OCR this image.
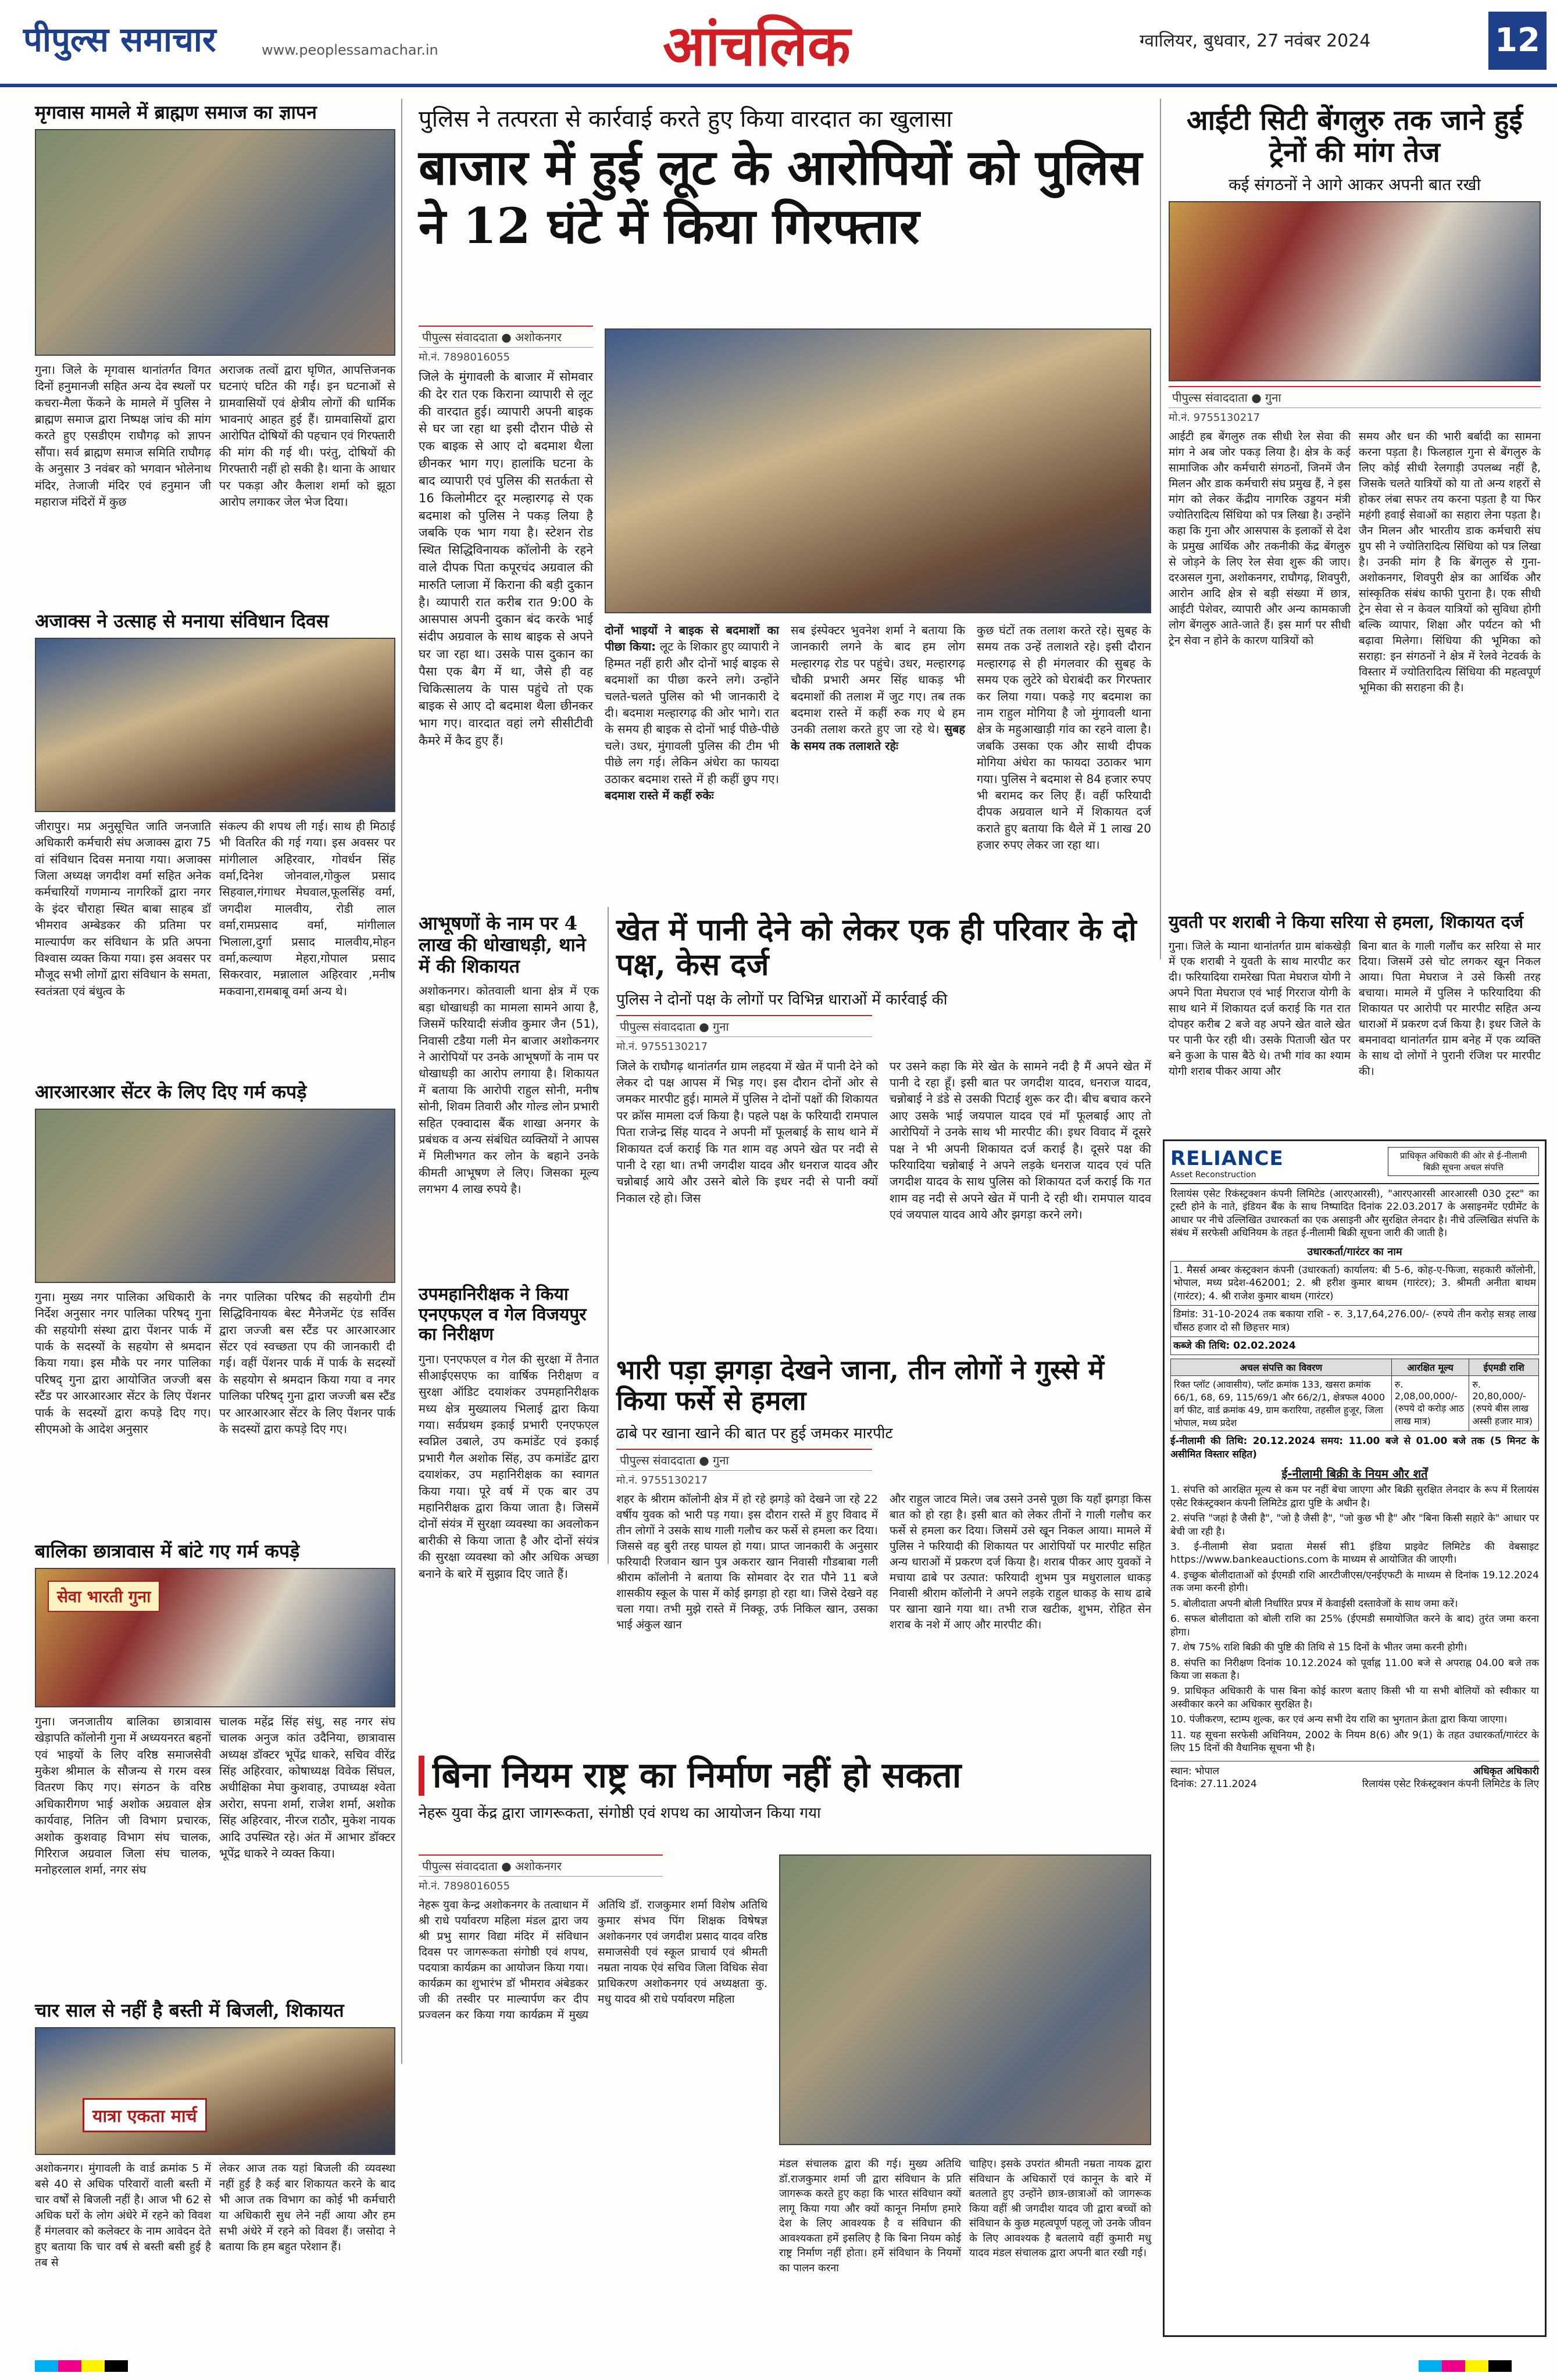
पीपुल्स समाचार	www.peoplessamachar.in	आंचलिक	ग्वालियर, बुधवार, 27 नवंबर 2024	12
मृगवास मामले में ब्राह्मण समाज का ज्ञापन
गुना। जिले के मृगवास थानांतर्गत विगत दिनों हनुमानजी सहित अन्य देव स्थलों पर कचरा-मैला फेंकने के मामले में पुलिस ने ब्राह्मण समाज द्वारा निष्पक्ष जांच की मांग करते हुए एसडीएम राघौगढ़ को ज्ञापन सौंपा। सर्व ब्राह्मण समाज समिति राघौगढ़ के अनुसार 3 नवंबर को भगवान भोलेनाथ मंदिर, तेजाजी मंदिर एवं हनुमान जी महाराज मंदिरों में कुछ
अराजक तत्वों द्वारा घृणित, आपत्तिजनक घटनाएं घटित की गईं। इन घटनाओं से ग्रामवासियों एवं क्षेत्रीय लोगों की धार्मिक भावनाएं आहत हुई हैं। ग्रामवासियों द्वारा आरोपित दोषियों की पहचान एवं गिरफ्तारी की मांग की गई थी। परंतु, दोषियों की गिरफ्तारी नहीं हो सकी है। थाना के आधार पर पकड़ा और कैलाश शर्मा को झूठा आरोप लगाकर जेल भेज दिया।
अजाक्स ने उत्साह से मनाया संविधान दिवस
जीरापुर। मप्र अनुसूचित जाति जनजाति अधिकारी कर्मचारी संघ अजाक्स द्वारा 75 वां संविधान दिवस मनाया गया। अजाक्स जिला अध्यक्ष जगदीश वर्मा सहित अनेक कर्मचारियों गणमान्य नागरिकों द्वारा नगर के इंदर चौराहा स्थित बाबा साहब डॉ भीमराव अम्बेडकर की प्रतिमा पर माल्यार्पण कर संविधान के प्रति अपना विश्वास व्यक्त किया गया। इस अवसर पर मौजूद सभी लोगों द्वारा संविधान के समता, स्वतंत्रता एवं बंधुत्व के
संकल्प की शपथ ली गई। साथ ही मिठाई भी वितरित की गई गया। इस अवसर पर मांगीलाल अहिरवार, गोवर्धन सिंह वर्मा,दिनेश जोनवाल,गोकुल प्रसाद सिहवाल,गंगाधर मेघवाल,फूलसिंह वर्मा, जगदीश मालवीय, रोडी लाल वर्मा,रामप्रसाद वर्मा, मांगीलाल भिलाला,दुर्गा प्रसाद मालवीय,मोहन वर्मा,कल्याण मेहरा,गोपाल प्रसाद सिकरवार, मन्नालाल अहिरवार ,मनीष मकवाना,रामबाबू वर्मा अन्य थे।
आरआरआर सेंटर के लिए दिए गर्म कपड़े
गुना। मुख्य नगर पालिका अधिकारी के निर्देश अनुसार नगर पालिका परिषद् गुना की सहयोगी संस्था द्वारा पेंशनर पार्क में पार्क के सदस्यों के सहयोग से श्रमदान किया गया। इस मौके पर नगर पालिका परिषद् गुना द्वारा आयोजित जज्जी बस स्टैंड पर आरआरआर सेंटर के लिए पेंशनर पार्क के सदस्यों द्वारा कपड़े दिए गए। सीएमओ के आदेश अनुसार
नगर पालिका परिषद की सहयोगी टीम सिद्धिविनायक बेस्ट मैनेजमेंट एंड सर्विस द्वारा जज्जी बस स्टैंड पर आरआरआर सेंटर एवं स्वच्छता एप की जानकारी दी गई। वहीं पेंशनर पार्क में पार्क के सदस्यों के सहयोग से श्रमदान किया गया व नगर पालिका परिषद् गुना द्वारा जज्जी बस स्टैंड पर आरआरआर सेंटर के लिए पेंशनर पार्क के सदस्यों द्वारा कपड़े दिए गए।
बालिका छात्रावास में बांटे गए गर्म कपड़े
सेवा भारती गुना
गुना। जनजातीय बालिका छात्रावास खेड़ापति कॉलोनी गुना में अध्ययनरत बहनों एवं भाइयों के लिए वरिष्ठ समाजसेवी मुकेश श्रीमाल के सौजन्य से गरम वस्त्र वितरण किए गए। संगठन के वरिष्ठ अधिकारीगण भाई अशोक अग्रवाल क्षेत्र कार्यवाह, नितिन जी विभाग प्रचारक, अशोक कुशवाह विभाग संघ चालक, गिरिराज अग्रवाल जिला संघ चालक, मनोहरलाल शर्मा, नगर संघ
चालक महेंद्र सिंह संधु, सह नगर संघ चालक अनुज कांत उदैनिया, छात्रावास अध्यक्ष डॉक्टर भूपेंद्र धाकरे, सचिव वीरेंद्र सिंह अहिरवार, कोषाध्यक्ष विवेक सिंघल, अधीक्षिका मेघा कुशवाह, उपाध्यक्ष श्वेता अरोरा, सपना शर्मा, राजेश शर्मा, अशोक सिंह अहिरवार, नीरज राठौर, मुकेश नायक आदि उपस्थित रहे। अंत में आभार डॉक्टर भूपेंद्र धाकरे ने व्यक्त किया।
चार साल से नहीं है बस्ती में बिजली, शिकायत
यात्रा एकता मार्च
अशोकनगर। मुंगावली के वार्ड क्रमांक 5 में बसे 40 से अधिक परिवारों वाली बस्ती में चार वर्षों से बिजली नहीं है। आज भी 62 से अधिक घरों के लोग अंधेरे में रहने को विवश हैं मंगलवार को कलेक्टर के नाम आवेदन देते हुए बताया कि चार वर्ष से बस्ती बसी हुई है तब से
लेकर आज तक यहां बिजली की व्यवस्था नहीं हुई है कई बार शिकायत करने के बाद भी आज तक विभाग का कोई भी कर्मचारी या अधिकारी सुध लेने नहीं आया और हम सभी अंधेरे में रहने को विवश हैं। जसोदा ने बताया कि हम बहुत परेशान हैं।
पुलिस ने तत्परता से कार्रवाई करते हुए किया वारदात का खुलासा
बाजार में हुई लूट के आरोपियों को पुलिस ने 12 घंटे में किया गिरफ्तार
पीपुल्स संवाददाता ● अशोकनगर
मो.नं. 7898016055
जिले के मुंगावली के बाजार में सोमवार की देर रात एक किराना व्यापारी से लूट की वारदात हुई। व्यापारी अपनी बाइक से घर जा रहा था इसी दौरान पीछे से एक बाइक से आए दो बदमाश थैला छीनकर भाग गए। हालांकि घटना के बाद व्यापारी एवं पुलिस की सतर्कता से 16 किलोमीटर दूर मल्हारगढ़ से एक बदमाश को पुलिस ने पकड़ लिया है जबकि एक भाग गया है। स्टेशन रोड स्थित सिद्धिविनायक कॉलोनी के रहने वाले दीपक पिता कपूरचंद अग्रवाल की मारुति प्लाजा में किराना की बड़ी दुकान है। व्यापारी रात करीब रात 9:00 के आसपास अपनी दुकान बंद करके भाई संदीप अग्रवाल के साथ बाइक से अपने घर जा रहा था। उसके पास दुकान का पैसा एक बैग में था, जैसे ही वह चिकित्सालय के पास पहुंचे तो एक बाइक से आए दो बदमाश थैला छीनकर भाग गए। वारदात वहां लगे सीसीटीवी कैमरे में कैद हुए हैं।
दोनों भाइयों ने बाइक से बदमाशों का पीछा किया: लूट के शिकार हुए व्यापारी ने हिम्मत नहीं हारी और दोनों भाई बाइक से बदमाशों का पीछा करने लगे। उन्होंने चलते-चलते पुलिस को भी जानकारी दे दी। बदमाश मल्हारगढ़ की ओर भागे। रात के समय ही बाइक से दोनों भाई पीछे-पीछे चले। उधर, मुंगावली पुलिस की टीम भी पीछे लग गई। लेकिन अंधेरा का फायदा उठाकर बदमाश रास्ते में ही कहीं छुप गए। बदमाश रास्ते में कहीं रुकेः
सब इंस्पेक्टर भुवनेश शर्मा ने बताया कि जानकारी लगने के बाद हम लोग मल्हारगढ़ रोड पर पहुंचे। उधर, मल्हारगढ़ चौकी प्रभारी अमर सिंह धाकड़ भी बदमाशों की तलाश में जुट गए। तब तक बदमाश रास्ते में कहीं रुक गए थे हम उनकी तलाश करते हुए जा रहे थे। सुबह के समय तक तलाशते रहेः
कुछ घंटों तक तलाश करते रहे। सुबह के समय तक उन्हें तलाशते रहे। इसी दौरान मल्हारगढ़ से ही मंगलवार की सुबह के समय एक लुटेरे को घेराबंदी कर गिरफ्तार कर लिया गया। पकड़े गए बदमाश का नाम राहुल मोगिया है जो मुंगावली थाना क्षेत्र के महुआखाड़ी गांव का रहने वाला है। जबकि उसका एक और साथी दीपक मोगिया अंधेरा का फायदा उठाकर भाग गया। पुलिस ने बदमाश से 84 हजार रुपए भी बरामद कर लिए हैं। वहीं फरियादी दीपक अग्रवाल थाने में शिकायत दर्ज कराते हुए बताया कि थैले में 1 लाख 20 हजार रुपए लेकर जा रहा था।
आईटी सिटी बेंगलुरु तक जाने हुई ट्रेनों की मांग तेज
कई संगठनों ने आगे आकर अपनी बात रखी
पीपुल्स संवाददाता ● गुना
मो.नं. 9755130217
आईटी हब बेंगलुरु तक सीधी रेल सेवा की मांग ने अब जोर पकड़ लिया है। क्षेत्र के कई सामाजिक और कर्मचारी संगठनों, जिनमें जैन मिलन और डाक कर्मचारी संघ प्रमुख हैं, ने इस मांग को लेकर केंद्रीय नागरिक उड्डयन मंत्री ज्योतिरादित्य सिंधिया को पत्र लिखा है। उन्होंने कहा कि गुना और आसपास के इलाकों से देश के प्रमुख आर्थिक और तकनीकी केंद्र बेंगलुरु से जोड़ने के लिए रेल सेवा शुरू की जाए। दरअसल गुना, अशोकनगर, राघौगढ़, शिवपुरी, आरोन आदि क्षेत्र से बड़ी संख्या में छात्र, आईटी पेशेवर, व्यापारी और अन्य कामकाजी लोग बेंगलुरु आते-जाते हैं। इस मार्ग पर सीधी ट्रेन सेवा न होने के कारण यात्रियों को
समय और धन की भारी बर्बादी का सामना करना पड़ता है। फिलहाल गुना से बेंगलुरु के लिए कोई सीधी रेलगाड़ी उपलब्ध नहीं है, जिसके चलते यात्रियों को या तो अन्य शहरों से होकर लंबा सफर तय करना पड़ता है या फिर महंगी हवाई सेवाओं का सहारा लेना पड़ता है। जैन मिलन और भारतीय डाक कर्मचारी संघ ग्रुप सी ने ज्योतिरादित्य सिंधिया को पत्र लिखा है। उनकी मांग है कि बेंगलुरु से गुना-अशोकनगर, शिवपुरी क्षेत्र का आर्थिक और सांस्कृतिक संबंध काफी पुराना है। एक सीधी ट्रेन सेवा से न केवल यात्रियों को सुविधा होगी बल्कि व्यापार, शिक्षा और पर्यटन को भी बढ़ावा मिलेगा। सिंधिया की भूमिका को सराहा: इन संगठनों ने क्षेत्र में रेलवे नेटवर्क के विस्तार में ज्योतिरादित्य सिंधिया की महत्वपूर्ण भूमिका की सराहना की है।
आभूषणों के नाम पर 4 लाख की धोखाधड़ी, थाने में की शिकायत
अशोकनगर। कोतवाली थाना क्षेत्र में एक बड़ा धोखाधड़ी का मामला सामने आया है, जिसमें फरियादी संजीव कुमार जैन (51), निवासी टडैया गली मेन बाजार अशोकनगर ने आरोपियों पर उनके आभूषणों के नाम पर धोखाधड़ी का आरोप लगाया है। शिकायत में बताया कि आरोपी राहुल सोनी, मनीष सोनी, शिवम तिवारी और गोल्ड लोन प्रभारी सहित एक्वादास बैंक शाखा अनगर के प्रबंधक व अन्य संबंधित व्यक्तियों ने आपस में मिलीभगत कर लोन के बहाने उनके कीमती आभूषण ले लिए। जिसका मूल्य लगभग 4 लाख रुपये है।
उपमहानिरीक्षक ने किया एनएफएल व गेल विजयपुर का निरीक्षण
गुना। एनएफएल व गेल की सुरक्षा में तैनात सीआईएसएफ का वार्षिक निरीक्षण व सुरक्षा ऑडिट दयाशंकर उपमहानिरीक्षक मध्य क्षेत्र मुख्यालय भिलाई द्वारा किया गया। सर्वप्रथम इकाई प्रभारी एनएफएल स्वप्निल उबाले, उप कमांडेंट एवं इकाई प्रभारी गैल अशोक सिंह, उप कमांडेंट द्वारा दयाशंकर, उप महानिरीक्षक का स्वागत किया गया। पूरे वर्ष में एक बार उप महानिरीक्षक द्वारा किया जाता है। जिसमें दोनों संयंत्र में सुरक्षा व्यवस्था का अवलोकन बारीकी से किया जाता है और दोनों संयंत्र की सुरक्षा व्यवस्था को और अधिक अच्छा बनाने के बारे में सुझाव दिए जाते हैं।
खेत में पानी देने को लेकर एक ही परिवार के दो पक्ष, केस दर्ज
पुलिस ने दोनों पक्ष के लोगों पर विभिन्न धाराओं में कार्रवाई की
पीपुल्स संवाददाता ● गुना
मो.नं. 9755130217
जिले के राघौगढ़ थानांतर्गत ग्राम लहदया में खेत में पानी देने को लेकर दो पक्ष आपस में भिड़ गए। इस दौरान दोनों ओर से जमकर मारपीट हुई। मामले में पुलिस ने दोनों पक्षों की शिकायत पर क्रॉस मामला दर्ज किया है। पहले पक्ष के फरियादी रामपाल पिता राजेन्द्र सिंह यादव ने अपनी माँ फूलबाई के साथ थाने में शिकायत दर्ज कराई कि गत शाम वह अपने खेत पर नदी से पानी दे रहा था। तभी जगदीश यादव और धनराज यादव और चन्नोबाई आये और उसने बोले कि इधर नदी से पानी क्यों निकाल रहे हो। जिस
पर उसने कहा कि मेरे खेत के सामने नदी है मैं अपने खेत में पानी दे रहा हूँ। इसी बात पर जगदीश यादव, धनराज यादव, चन्नोबाई ने डंडे से उसकी पिटाई शुरू कर दी। बीच बचाव करने आए उसके भाई जयपाल यादव एवं माँ फूलबाई आए तो आरोपियों ने उनके साथ भी मारपीट की। इधर विवाद में दूसरे पक्ष ने भी अपनी शिकायत दर्ज कराई है। दूसरे पक्ष की फरियादिया चन्नोबाई ने अपने लड़के धनराज यादव एवं पति जगदीश यादव के साथ पुलिस को शिकायत दर्ज कराई कि गत शाम वह नदी से अपने खेत में पानी दे रही थी। रामपाल यादव एवं जयपाल यादव आये और झगड़ा करने लगे।
भारी पड़ा झगड़ा देखने जाना, तीन लोगों ने गुस्से में किया फर्से से हमला
ढाबे पर खाना खाने की बात पर हुई जमकर मारपीट
पीपुल्स संवाददाता ● गुना
मो.नं. 9755130217
शहर के श्रीराम कॉलोनी क्षेत्र में हो रहे झगड़े को देखने जा रहे 22 वर्षीय युवक को भारी पड़ गया। इस दौरान रास्ते में हुए विवाद में तीन लोगों ने उसके साथ गाली गलौच कर फर्से से हमला कर दिया। जिससे वह बुरी तरह घायल हो गया। प्राप्त जानकारी के अनुसार फरियादी रिजवान खान पुत्र अकरार खान निवासी गौडबाबा गली श्रीराम कॉलोनी ने बताया कि सोमवार देर रात पौने 11 बजे शासकीय स्कूल के पास में कोई झगड़ा हो रहा था। जिसे देखने वह चला गया। तभी मुझे रास्ते में निक्कू, उर्फ निकिल खान, उसका भाई अंकुल खान
और राहुल जाटव मिले। जब उसने उनसे पूछा कि यहाँ झगड़ा किस बात को हो रहा है। इसी बात को लेकर तीनों ने गाली गलौच कर फर्से से हमला कर दिया। जिसमें उसे खून निकल आया। मामले में पुलिस ने फरियादी की शिकायत पर आरोपियों पर मारपीट सहित अन्य धाराओं में प्रकरण दर्ज किया है। शराब पीकर आए युवकों ने मचाया ढाबे पर उत्पात: फरियादी शुभम पुत्र मधुरालाल धाकड़ निवासी श्रीराम कॉलोनी ने अपने लड़के राहुल धाकड़ के साथ ढाबे पर खाना खाने गया था। तभी राज खटीक, शुभम, रोहित सेन शराब के नशे में आए और मारपीट की।
युवती पर शराबी ने किया सरिया से हमला, शिकायत दर्ज
गुना। जिले के म्याना थानांतर्गत ग्राम बांकखेड़ी में एक शराबी ने युवती के साथ मारपीट कर दी। फरियादिया रामरेखा पिता मेघराज योगी ने अपने पिता मेघराज एवं भाई गिरराज योगी के साथ थाने में शिकायत दर्ज कराई कि गत रात दोपहर करीब 2 बजे वह अपने खेत वाले खेत पर पानी फेर रही थी। उसके पिताजी खेत पर बने कुआ के पास बैठे थे। तभी गांव का श्याम योगी शराब पीकर आया और
बिना बात के गाली गलौंच कर सरिया से मार दिया। जिसमें उसे चोट लगकर खून निकल आया। पिता मेघराज ने उसे किसी तरह बचाया। मामले में पुलिस ने फरियादिया की शिकायत पर आरोपी पर मारपीट सहित अन्य धाराओं में प्रकरण दर्ज किया है। इधर जिले के बमनावदा थानांतर्गत ग्राम बनेह में एक व्यक्ति के साथ दो लोगों ने पुरानी रंजिश पर मारपीट की।
बिना नियम राष्ट्र का निर्माण नहीं हो सकता
नेहरू युवा केंद्र द्वारा जागरूकता, संगोष्ठी एवं शपथ का आयोजन किया गया
पीपुल्स संवाददाता ● अशोकनगर
मो.नं. 7898016055
नेहरू युवा केन्द्र अशोकनगर के तत्वाधान में श्री राधे पर्यावरण महिला मंडल द्वारा जय श्री प्रभु सागर विद्या मंदिर में संविधान दिवस पर जागरूकता संगोष्ठी एवं शपथ, पदयात्रा कार्यक्रम का आयोजन किया गया। कार्यक्रम का शुभारंभ डॉ भीमराव अंबेडकर जी की तस्वीर पर माल्यार्पण कर दीप प्रज्वलन कर किया गया कार्यक्रम में मुख्य अतिथि डॉ. राजकुमार शर्मा विशेष अतिथि कुमार संभव पिंग शिक्षक विषेषज्ञ अशोकनगर एवं जगदीश प्रसाद यादव वरिष्ठ समाजसेवी एवं स्कूल प्राचार्य एवं श्रीमती नम्रता नायक ऐवं सचिव जिला विधिक सेवा प्राधिकरण अशोकनगर एवं अध्यक्षता कु. मधु यादव श्री राधे पर्यावरण महिला
मंडल संचालक द्वारा की गई। मुख्य अतिथि डॉ.राजकुमार शर्मा जी द्वारा संविधान के प्रति जागरूक करते हुए कहा कि भारत संविधान क्यों लागू किया गया और क्यों कानून निर्माण हमारे देश के लिए आवश्यक है व संविधान की आवश्यकता हमें इसलिए है कि बिना नियम कोई राष्ट्र निर्माण नहीं होता। हमें संविधान के नियमों का पालन करना
चाहिए। इसके उपरांत श्रीमती नम्रता नायक द्वारा संविधान के अधिकारों एवं कानून के बारे में बतलाते हुए उन्होंने छात्र-छात्राओं को जागरूक किया वहीं श्री जगदीश यादव जी द्वारा बच्चों को संविधान के कुछ महत्वपूर्ण पहलू जो उनके जीवन के लिए आवश्यक है बतलाये वहीं कुमारी मधु यादव मंडल संचालक द्वारा अपनी बात रखी गई।
RELIANCE
Asset Reconstruction
प्राधिकृत अधिकारी की ओर से ई-नीलामी बिक्री सूचना अचल संपत्ति
रिलायंस एसेट रिकंस्ट्रक्शन कंपनी लिमिटेड (आरएआरसी), "आरएआरसी आरआरसी 030 ट्रस्ट" का ट्रस्टी होने के नाते, इंडियन बैंक के साथ निष्पादित दिनांक 22.03.2017 के असाइनमेंट एग्रीमेंट के आधार पर नीचे उल्लिखित उधारकर्ता का एक असाइनी और सुरक्षित लेनदार है। नीचे उल्लिखित संपत्ति के संबंध में सरफेसी अधिनियम के तहत ई-नीलामी बिक्री सूचना जारी की जाती है।
उधारकर्ता/गारंटर का नाम
1. मैसर्स अम्बर कंस्ट्रक्शन कंपनी (उधारकर्ता) कार्यालय: बी 5-6, कोह-ए-फिजा, सहकारी कॉलोनी, भोपाल, मध्य प्रदेश-462001; 2. श्री हरीश कुमार बाथम (गारंटर); 3. श्रीमती अनीता बाथम (गारंटर); 4. श्री राजेश कुमार बाथम (गारंटर)
डिमांड: 31-10-2024 तक बकाया राशि - रु. 3,17,64,276.00/- (रुपये तीन करोड़ सत्रह लाख चौंसठ हजार दो सौ छिहत्तर मात्र)
कब्जे की तिथि: 02.02.2024
अचल संपत्ति का विवरण	आरक्षित मूल्य	ईएमडी राशि
रिक्त प्लॉट (आवासीय), प्लॉट क्रमांक 133, खसरा क्रमांक 66/1, 68, 69, 115/69/1 और 66/2/1, क्षेत्रफल 4000 वर्ग फीट, वार्ड क्रमांक 49, ग्राम करारिया, तहसील हुजूर, जिला भोपाल, मध्य प्रदेश	रु. 2,08,00,000/- (रुपये दो करोड़ आठ लाख मात्र)	रु. 20,80,000/- (रुपये बीस लाख अस्सी हजार मात्र)
ई-नीलामी की तिथि: 20.12.2024 समय: 11.00 बजे से 01.00 बजे तक (5 मिनट के असीमित विस्तार सहित)
ई-नीलामी बिक्री के नियम और शर्तें
1. संपत्ति को आरक्षित मूल्य से कम पर नहीं बेचा जाएगा और बिक्री सुरक्षित लेनदार के रूप में रिलायंस एसेट रिकंस्ट्रक्शन कंपनी लिमिटेड द्वारा पुष्टि के अधीन है।
2. संपत्ति "जहां है जैसी है", "जो है जैसी है", "जो कुछ भी है" और "बिना किसी सहारे के" आधार पर बेची जा रही है।
3. ई-नीलामी सेवा प्रदाता मेसर्स सी1 इंडिया प्राइवेट लिमिटेड की वेबसाइट https://www.bankeauctions.com के माध्यम से आयोजित की जाएगी।
4. इच्छुक बोलीदाताओं को ईएमडी राशि आरटीजीएस/एनईएफटी के माध्यम से दिनांक 19.12.2024 तक जमा करनी होगी।
5. बोलीदाता अपनी बोली निर्धारित प्रपत्र में केवाईसी दस्तावेजों के साथ जमा करें।
6. सफल बोलीदाता को बोली राशि का 25% (ईएमडी समायोजित करने के बाद) तुरंत जमा करना होगा।
7. शेष 75% राशि बिक्री की पुष्टि की तिथि से 15 दिनों के भीतर जमा करनी होगी।
8. संपत्ति का निरीक्षण दिनांक 10.12.2024 को पूर्वाह्न 11.00 बजे से अपराह्न 04.00 बजे तक किया जा सकता है।
9. प्राधिकृत अधिकारी के पास बिना कोई कारण बताए किसी भी या सभी बोलियों को स्वीकार या अस्वीकार करने का अधिकार सुरक्षित है।
10. पंजीकरण, स्टाम्प शुल्क, कर एवं अन्य सभी देय राशि का भुगतान क्रेता द्वारा किया जाएगा।
11. यह सूचना सरफेसी अधिनियम, 2002 के नियम 8(6) और 9(1) के तहत उधारकर्ता/गारंटर के लिए 15 दिनों की वैधानिक सूचना भी है।
स्थान: भोपाल
दिनांक: 27.11.2024
अधिकृत अधिकारी
रिलायंस एसेट रिकंस्ट्रक्शन कंपनी लिमिटेड के लिए
